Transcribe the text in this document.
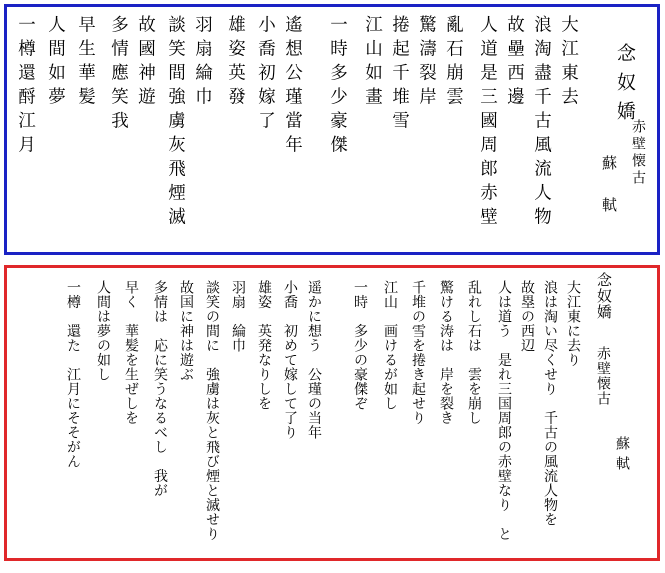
念奴嬌
赤壁懐古
蘇　軾
大江東去
浪淘盡千古風流人物
故壘西邊
人道是三國周郎赤壁
亂石崩雲
驚濤裂岸
捲起千堆雪
江山如畫
一時多少豪傑
遙想公瑾當年
小喬初嫁了
雄姿英發
羽扇綸巾
談笑間強虜灰飛煙滅
故國神遊
多情應笑我
早生華髪
人間如夢
一樽還酹江月
念奴嬌
赤壁懐古
蘇軾
大江東に去り
浪は淘い尽くせり　千古の風流人物を
故塁の西辺
人は道う　是れ三国周郎の赤壁なり　と
乱れし石は　雲を崩し
驚ける涛は　岸を裂き
千堆の雪を捲き起せり
江山　画けるが如し
一時　多少の豪傑ぞ
遥かに想う　公瑾の当年
小喬　初めて嫁して了り
雄姿　英発なりしを
羽扇　綸巾
談笑の間に　強虜は灰と飛び煙と滅せり
故国に神は遊ぶ
多情は　応に笑うなるべし　我が
早く　華髪を生ぜしを
人間は夢の如し
一樽　還た　江月にそそがん
